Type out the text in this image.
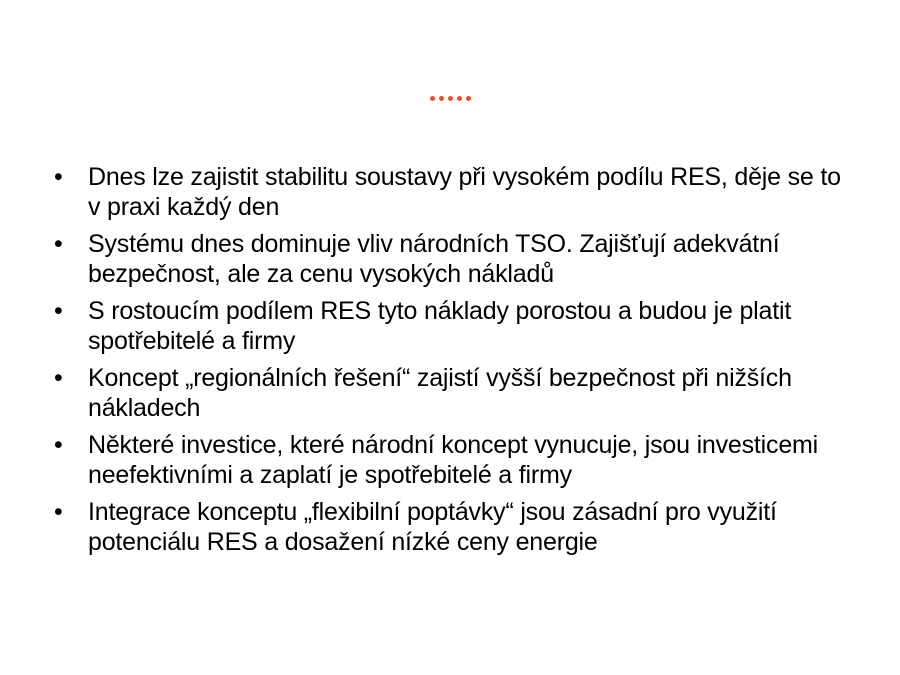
•	Dnes lze zajistit stabilitu soustavy při vysokém podílu RES, děje se to v praxi každý den
•	Systému dnes dominuje vliv národních TSO. Zajišťují adekvátní bezpečnost, ale za cenu vysokých nákladů
•	S rostoucím podílem RES tyto náklady porostou a budou je platit spotřebitelé a firmy
•	Koncept „regionálních řešení“ zajistí vyšší bezpečnost při nižších nákladech
•	Některé investice, které národní koncept vynucuje, jsou investicemi neefektivními a zaplatí je spotřebitelé a firmy
•	Integrace konceptu „flexibilní poptávky“ jsou zásadní pro využití potenciálu RES a dosažení nízké ceny energie
